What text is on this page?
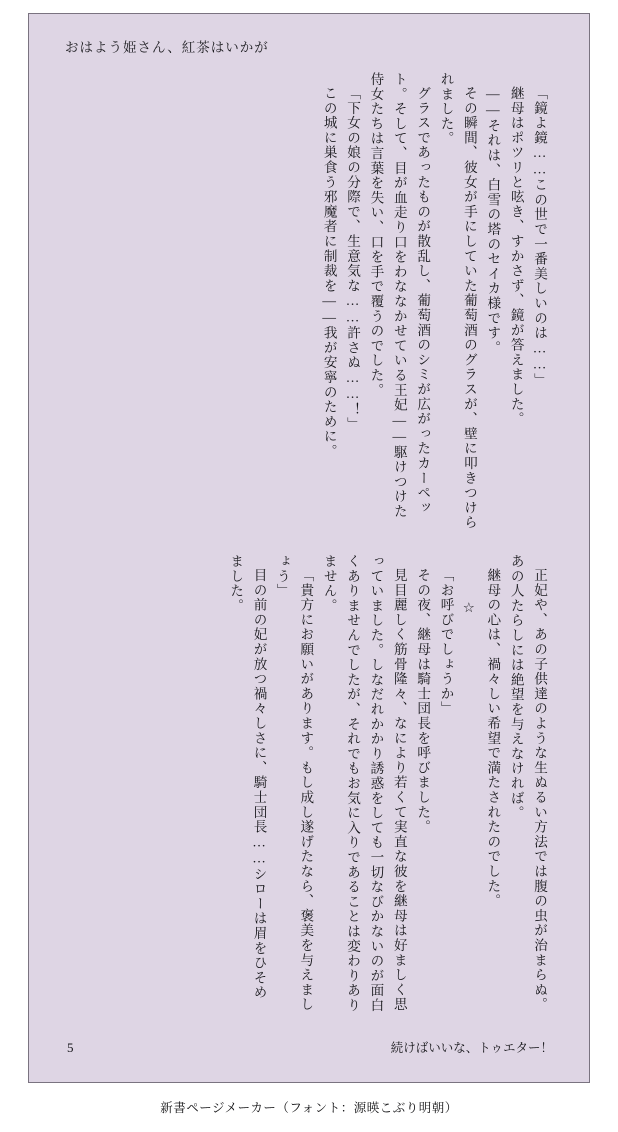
おはよう姫さん、紅茶はいかが

「鏡よ鏡……この世で一番美しいのは……」

継母はポツリと呟き、すかさず、鏡が答えました。

――それは、白雪の塔のセイカ様です。

その瞬間、彼女が手にしていた葡萄酒のグラスが、壁に叩きつけられました。

グラスであったものが散乱し、葡萄酒のシミが広がったカーペット。そして、目が血走り口をわななかせている王妃――駆けつけた侍女たちは言葉を失い、口を手で覆うのでした。

「下女の娘の分際で、生意気な……許さぬ……！」

この城に巣食う邪魔者に制裁を――我が安寧のために。

正妃や、あの子供達のような生ぬるい方法では腹の虫が治まらぬ。あの人たらしには絶望を与えなければ。

継母の心は、禍々しい希望で満たされたのでした。

☆

「お呼びでしょうか」

その夜、継母は騎士団長を呼びました。

見目麗しく筋骨隆々、なにより若くて実直な彼を継母は好ましく思っていました。しなだれかかり誘惑をしても一切なびかないのが面白くありませんでしたが、それでもお気に入りであることは変わりありません。

「貴方にお願いがあります。もし成し遂げたなら、褒美を与えましょう」

目の前の妃が放つ禍々しさに、騎士団長……シローは眉をひそめました。

5	続けばいいな、トゥエター！
新書ページメーカー（フォント：源暎こぶり明朝）
